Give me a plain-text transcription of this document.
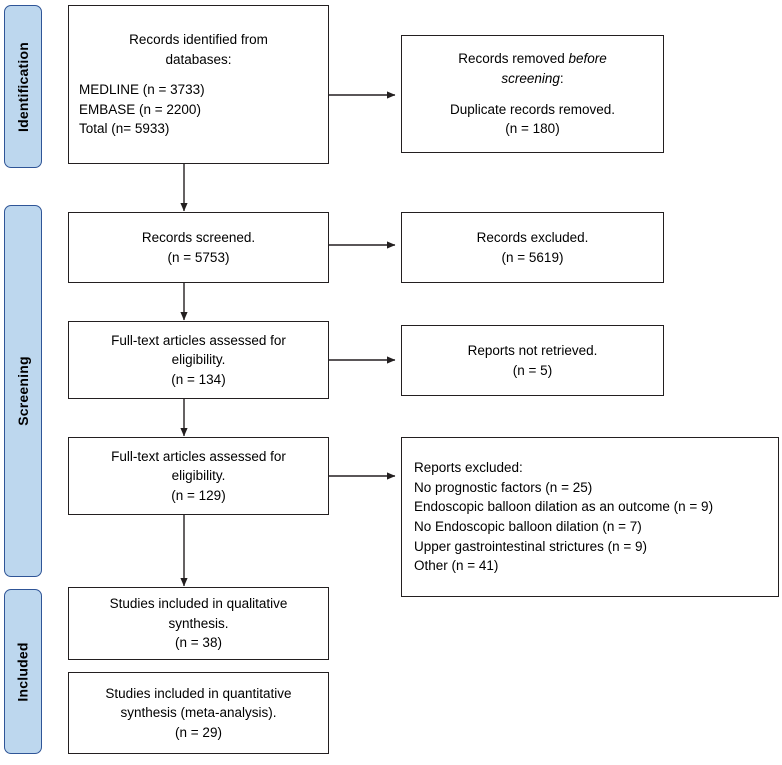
Identification
Screening
Included
Records identified from
databases:
MEDLINE (n = 3733)
EMBASE (n = 2200)
Total (n= 5933)
Records removed before
screening:
Duplicate records removed.
(n = 180)
Records screened.
(n = 5753)
Records excluded.
(n = 5619)
Full-text articles assessed for
eligibility.
(n = 134)
Reports not retrieved.
(n = 5)
Full-text articles assessed for
eligibility.
(n = 129)
Reports excluded:
No prognostic factors (n = 25)
Endoscopic balloon dilation as an outcome (n = 9)
No Endoscopic balloon dilation (n = 7)
Upper gastrointestinal strictures (n = 9)
Other (n = 41)
Studies included in qualitative
synthesis.
(n = 38)
Studies included in quantitative
synthesis (meta-analysis).
(n = 29)
